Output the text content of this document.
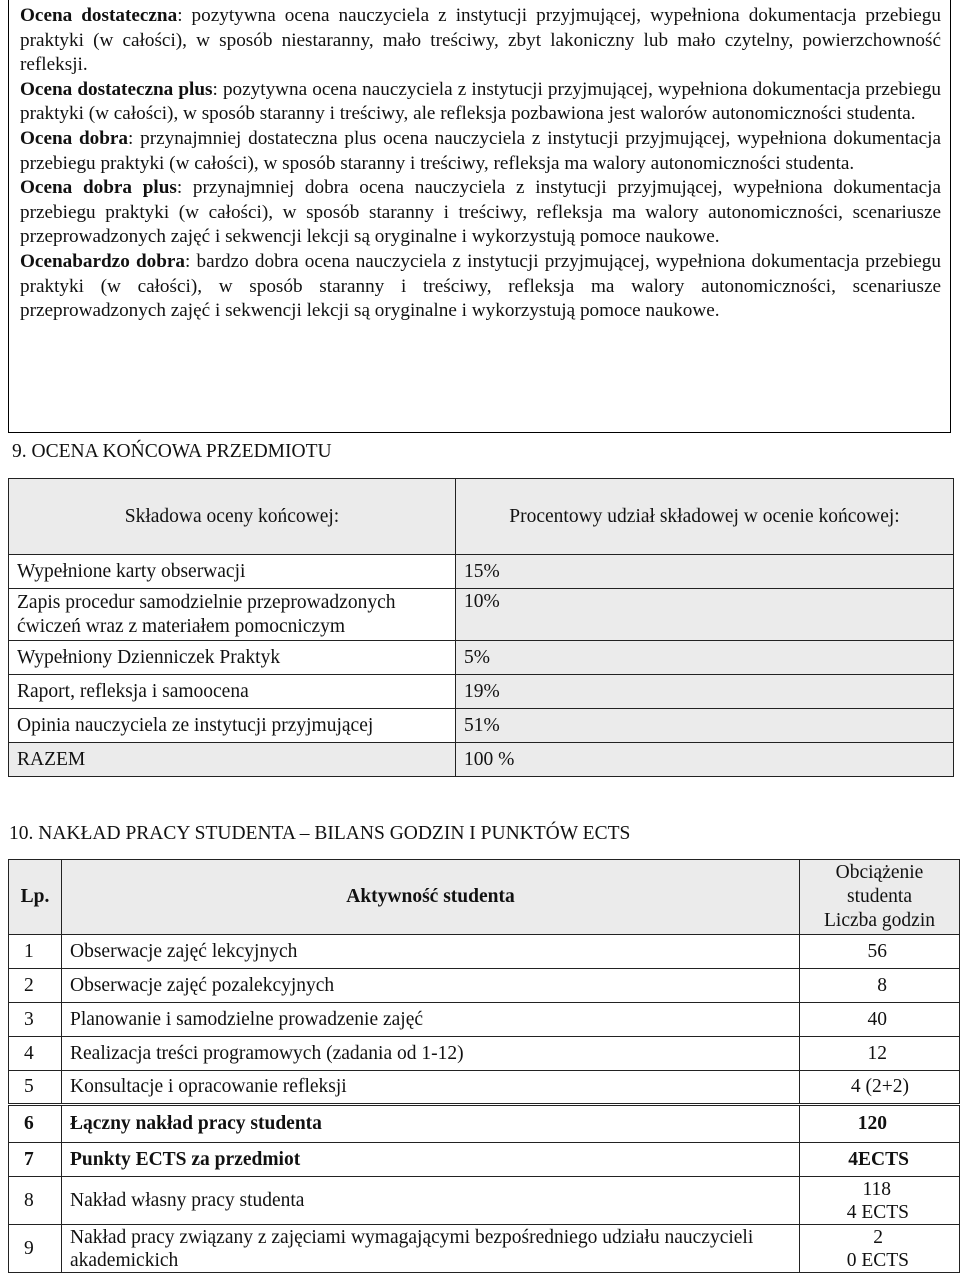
Ocena dostateczna: pozytywna ocena nauczyciela z instytucji przyjmującej, wypełniona dokumentacja przebiegu praktyki (w całości), w sposób niestaranny, mało treściwy, zbyt lakoniczny lub mało czytelny, powierzchowność refleksji.
Ocena dostateczna plus: pozytywna ocena nauczyciela z instytucji przyjmującej, wypełniona dokumentacja przebiegu praktyki (w całości), w sposób staranny i treściwy, ale refleksja pozbawiona jest walorów autonomiczności studenta.
Ocena dobra: przynajmniej dostateczna plus ocena nauczyciela z instytucji przyjmującej, wypełniona dokumentacja przebiegu praktyki (w całości), w sposób staranny i treściwy, refleksja ma walory autonomiczności studenta.
Ocena dobra plus: przynajmniej dobra ocena nauczyciela z instytucji przyjmującej, wypełniona dokumentacja przebiegu praktyki (w całości), w sposób staranny i treściwy, refleksja ma walory autonomiczności, scenariusze przeprowadzonych zajęć i sekwencji lekcji są oryginalne i wykorzystują pomoce naukowe.
Ocenabardzo dobra: bardzo dobra ocena nauczyciela z instytucji przyjmującej, wypełniona dokumentacja przebiegu praktyki (w całości), w sposób staranny i treściwy, refleksja ma walory autonomiczności, scenariusze przeprowadzonych zajęć i sekwencji lekcji są oryginalne i wykorzystują pomoce naukowe.
9. OCENA KOŃCOWA PRZEDMIOTU
Składowa oceny końcowej:	Procentowy udział składowej w ocenie końcowej:
Wypełnione karty obserwacji	15%
Zapis procedur samodzielnie przeprowadzonych ćwiczeń wraz z materiałem pomocniczym	10%
Wypełniony Dzienniczek Praktyk	5%
Raport, refleksja i samoocena	19%
Opinia nauczyciela ze instytucji przyjmującej	51%
RAZEM	100 %
10. NAKŁAD PRACY STUDENTA – BILANS GODZIN I PUNKTÓW ECTS
Lp.	Aktywność studenta	Obciążenie
studenta
Liczba godzin

1	Obserwacje zajęć lekcyjnych	56
2	Obserwacje zajęć pozalekcyjnych	8
3	Planowanie i samodzielne prowadzenie zajęć	40
4	Realizacja treści programowych (zadania od 1-12)	12
5	Konsultacje i opracowanie refleksji	4 (2+2)
6	Łączny nakład pracy studenta	120
7	Punkty ECTS za przedmiot	4ECTS
8	Nakład własny pracy studenta	118
4 ECTS

9	Nakład pracy związany z zajęciami wymagającymi bezpośredniego udziału nauczycieli akademickich	2
0 ECTS
